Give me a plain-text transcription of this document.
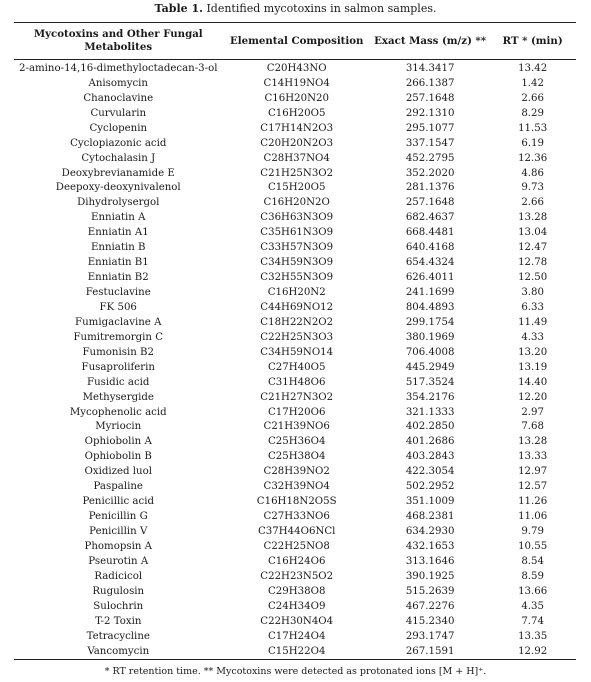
Table 1. Identified mycotoxins in salmon samples.
Mycotoxins and Other Fungal Metabolites	Elemental Composition	Exact Mass (m/z) **	RT * (min)
2-amino-14,16-dimethyloctadecan-3-ol	C20H43NO	314.3417	13.42
Anisomycin	C14H19NO4	266.1387	1.42
Chanoclavine	C16H20N20	257.1648	2.66
Curvularin	C16H20O5	292.1310	8.29
Cyclopenin	C17H14N2O3	295.1077	11.53
Cyclopiazonic acid	C20H20N2O3	337.1547	6.19
Cytochalasin J	C28H37NO4	452.2795	12.36
Deoxybrevianamide E	C21H25N3O2	352.2020	4.86
Deepoxy-deoxynivalenol	C15H20O5	281.1376	9.73
Dihydrolysergol	C16H20N2O	257.1648	2.66
Enniatin A	C36H63N3O9	682.4637	13.28
Enniatin A1	C35H61N3O9	668.4481	13.04
Enniatin B	C33H57N3O9	640.4168	12.47
Enniatin B1	C34H59N3O9	654.4324	12.78
Enniatin B2	C32H55N3O9	626.4011	12.50
Festuclavine	C16H20N2	241.1699	3.80
FK 506	C44H69NO12	804.4893	6.33
Fumigaclavine A	C18H22N2O2	299.1754	11.49
Fumitremorgin C	C22H25N3O3	380.1969	4.33
Fumonisin B2	C34H59NO14	706.4008	13.20
Fusaproliferin	C27H40O5	445.2949	13.19
Fusidic acid	C31H48O6	517.3524	14.40
Methysergide	C21H27N3O2	354.2176	12.20
Mycophenolic acid	C17H20O6	321.1333	2.97
Myriocin	C21H39NO6	402.2850	7.68
Ophiobolin A	C25H36O4	401.2686	13.28
Ophiobolin B	C25H38O4	403.2843	13.33
Oxidized luol	C28H39NO2	422.3054	12.97
Paspaline	C32H39NO4	502.2952	12.57
Penicillic acid	C16H18N2O5S	351.1009	11.26
Penicillin G	C27H33NO6	468.2381	11.06
Penicillin V	C37H44O6NCl	634.2930	9.79
Phomopsin A	C22H25NO8	432.1653	10.55
Pseurotin A	C16H24O6	313.1646	8.54
Radicicol	C22H23N5O2	390.1925	8.59
Rugulosin	C29H38O8	515.2639	13.66
Sulochrin	C24H34O9	467.2276	4.35
T-2 Toxin	C22H30N4O4	415.2340	7.74
Tetracycline	C17H24O4	293.1747	13.35
Vancomycin	C15H22O4	267.1591	12.92
* RT retention time. ** Mycotoxins were detected as protonated ions [M + H]⁺.
